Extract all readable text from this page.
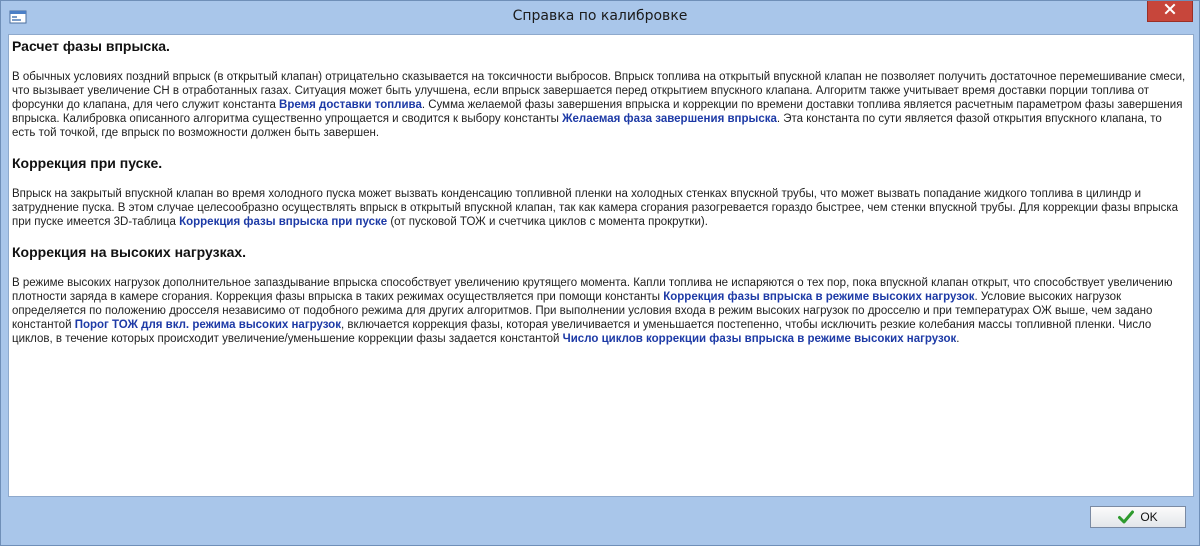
Справка по калибровке
Расчет фазы впрыска.

В обычных условиях поздний впрыск (в открытый клапан) отрицательно сказывается на токсичности выбросов. Впрыск топлива на открытый впускной клапан не позволяет получить достаточное перемешивание смеси, что вызывает увеличение CH в отработанных газах. Ситуация может быть улучшена, если впрыск завершается перед открытием впускного клапана. Алгоритм также учитывает время доставки порции топлива от форсунки до клапана, для чего служит константа Время доставки топлива. Сумма желаемой фазы завершения впрыска и коррекции по времени доставки топлива является расчетным параметром фазы завершения впрыска. Калибровка описанного алгоритма существенно упрощается и сводится к выбору константы Желаемая фаза завершения впрыска. Эта константа по сути является фазой открытия впускного клапана, то есть той точкой, где впрыск по возможности должен быть завершен.

Коррекция при пуске.

Впрыск на закрытый впускной клапан во время холодного пуска может вызвать конденсацию топливной пленки на холодных стенках впускной трубы, что может вызвать попадание жидкого топлива в цилиндр и затруднение пуска. В этом случае целесообразно осуществлять впрыск в открытый впускной клапан, так как камера сгорания разогревается гораздо быстрее, чем стенки впускной трубы. Для коррекции фазы впрыска при пуске имеется 3D-таблица Коррекция фазы впрыска при пуске (от пусковой ТОЖ и счетчика циклов с момента прокрутки).

Коррекция на высоких нагрузках.

В режиме высоких нагрузок дополнительное запаздывание впрыска способствует увеличению крутящего момента. Капли топлива не испаряются о тех пор, пока впускной клапан открыт, что способствует увеличению плотности заряда в камере сгорания. Коррекция фазы впрыска в таких режимах осуществляется при помощи константы Коррекция фазы впрыска в режиме высоких нагрузок. Условие высоких нагрузок определяется по положению дросселя независимо от подобного режима для других алгоритмов. При выполнении условия входа в режим высоких нагрузок по дросселю и при температурах ОЖ выше, чем задано константой Порог ТОЖ для вкл. режима высоких нагрузок, включается коррекция фазы, которая увеличивается и уменьшается постепенно, чтобы исключить резкие колебания массы топливной пленки. Число циклов, в течение которых происходит увеличение/уменьшение коррекции фазы задается константой Число циклов коррекции фазы впрыска в режиме высоких нагрузок.

OK
